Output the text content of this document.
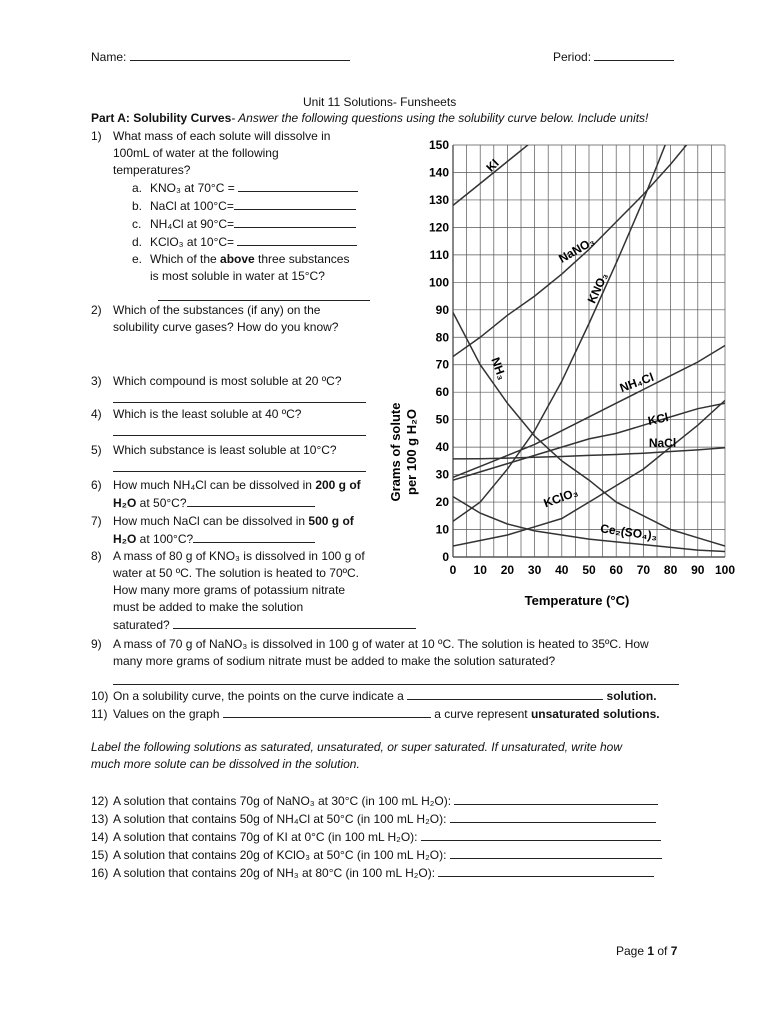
Name:	Period:
Unit 11 Solutions- Funsheets
Part A: Solubility Curves- Answer the following questions using the solubility curve below. Include units!
1) What mass of each solute will dissolve in
100mL of water at the following
temperatures?
a. KNO₃ at 70°C =
b. NaCl at 100°C=
c. NH₄Cl at 90°C=
d. KClO₃ at 10°C=
e. Which of the above three substances
is most soluble in water at 15°C?
2) Which of the substances (if any) on the
solubility curve gases? How do you know?
3) Which compound is most soluble at 20 ºC?
4) Which is the least soluble at 40 ºC?
5) Which substance is least soluble at 10°C?
6) How much NH₄Cl can be dissolved in 200 g of
H₂O at 50°C?
7) How much NaCl can be dissolved in 500 g of
H₂O at 100°C?
8) A mass of 80 g of KNO₃ is dissolved in 100 g of
water at 50 ºC. The solution is heated to 70ºC.
How many more grams of potassium nitrate
must be added to make the solution
saturated?
9) A mass of 70 g of NaNO₃ is dissolved in 100 g of water at 10 ºC. The solution is heated to 35ºC. How
many more grams of sodium nitrate must be added to make the solution saturated?
10) On a solubility curve, the points on the curve indicate a	solution.
11) Values on the graph	a curve represent unsaturated solutions.
Label the following solutions as saturated, unsaturated, or super saturated. If unsaturated, write how
much more solute can be dissolved in the solution.
12) A solution that contains 70g of NaNO₃ at 30°C (in 100 mL H₂O):
13) A solution that contains 50g of NH₄Cl at 50°C (in 100 mL H₂O):
14) A solution that contains 70g of KI at 0°C (in 100 mL H₂O):
15) A solution that contains 20g of KClO₃ at 50°C (in 100 mL H₂O):
16) A solution that contains 20g of NH₃ at 80°C (in 100 mL H₂O):
Page 1 of 7
0 10 20 30 40 50 60 70 80 90 100
0
10
20
30
40
50
60
70
80
90
100
110
120
130
140
150
KI
NaNO₃
KNO₃
NH₄Cl
KCl
NaCl
NH₃
KClO₃
Ce₂(SO₄)₃
Grams of solute per 100 g H₂O
Temperature (°C)
